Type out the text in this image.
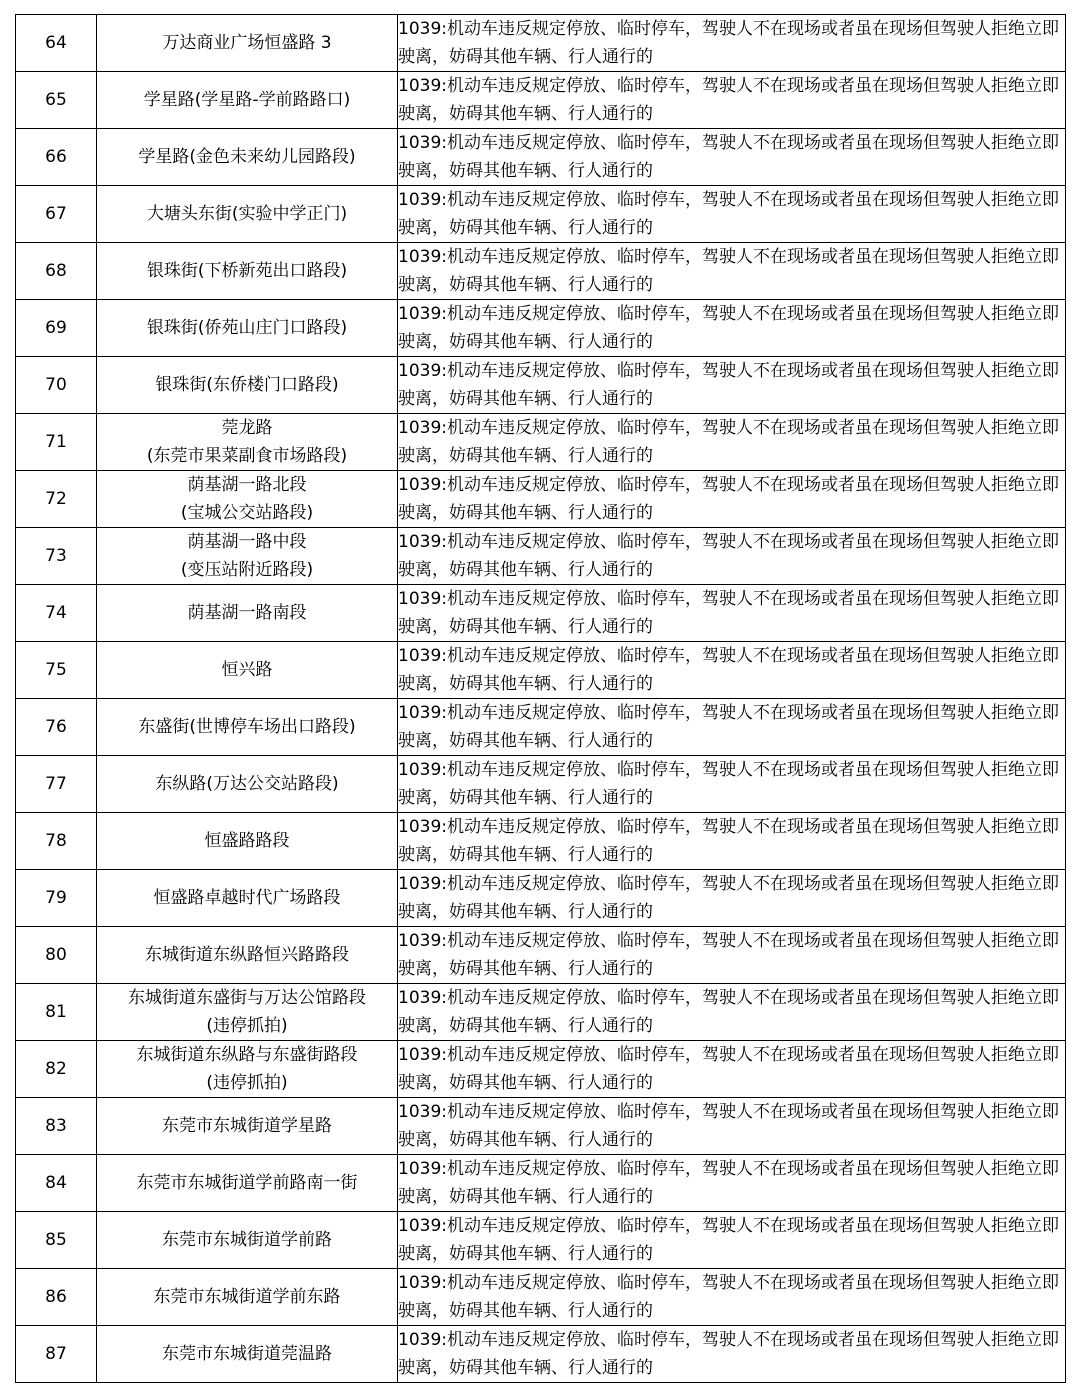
64	万达商业广场恒盛路 3	1039:机动车违反规定停放、临时停车，驾驶人不在现场或者虽在现场但驾驶人拒绝立即驶离，妨碍其他车辆、行人通行的

65	学星路(学星路-学前路路口)	1039:机动车违反规定停放、临时停车，驾驶人不在现场或者虽在现场但驾驶人拒绝立即驶离，妨碍其他车辆、行人通行的

66	学星路(金色未来幼儿园路段)	1039:机动车违反规定停放、临时停车，驾驶人不在现场或者虽在现场但驾驶人拒绝立即驶离，妨碍其他车辆、行人通行的

67	大塘头东街(实验中学正门)	1039:机动车违反规定停放、临时停车，驾驶人不在现场或者虽在现场但驾驶人拒绝立即驶离，妨碍其他车辆、行人通行的

68	银珠街(下桥新苑出口路段)	1039:机动车违反规定停放、临时停车，驾驶人不在现场或者虽在现场但驾驶人拒绝立即驶离，妨碍其他车辆、行人通行的

69	银珠街(侨苑山庄门口路段)	1039:机动车违反规定停放、临时停车，驾驶人不在现场或者虽在现场但驾驶人拒绝立即驶离，妨碍其他车辆、行人通行的

70	银珠街(东侨楼门口路段)	1039:机动车违反规定停放、临时停车，驾驶人不在现场或者虽在现场但驾驶人拒绝立即驶离，妨碍其他车辆、行人通行的

71	莞龙路
(东莞市果菜副食市场路段)	1039:机动车违反规定停放、临时停车，驾驶人不在现场或者虽在现场但驾驶人拒绝立即驶离，妨碍其他车辆、行人通行的

72	荫基湖一路北段
(宝城公交站路段)	1039:机动车违反规定停放、临时停车，驾驶人不在现场或者虽在现场但驾驶人拒绝立即驶离，妨碍其他车辆、行人通行的

73	荫基湖一路中段
(变压站附近路段)	1039:机动车违反规定停放、临时停车，驾驶人不在现场或者虽在现场但驾驶人拒绝立即驶离，妨碍其他车辆、行人通行的

74	荫基湖一路南段	1039:机动车违反规定停放、临时停车，驾驶人不在现场或者虽在现场但驾驶人拒绝立即驶离，妨碍其他车辆、行人通行的

75	恒兴路	1039:机动车违反规定停放、临时停车，驾驶人不在现场或者虽在现场但驾驶人拒绝立即驶离，妨碍其他车辆、行人通行的

76	东盛街(世博停车场出口路段)	1039:机动车违反规定停放、临时停车，驾驶人不在现场或者虽在现场但驾驶人拒绝立即驶离，妨碍其他车辆、行人通行的

77	东纵路(万达公交站路段)	1039:机动车违反规定停放、临时停车，驾驶人不在现场或者虽在现场但驾驶人拒绝立即驶离，妨碍其他车辆、行人通行的

78	恒盛路路段	1039:机动车违反规定停放、临时停车，驾驶人不在现场或者虽在现场但驾驶人拒绝立即驶离，妨碍其他车辆、行人通行的

79	恒盛路卓越时代广场路段	1039:机动车违反规定停放、临时停车，驾驶人不在现场或者虽在现场但驾驶人拒绝立即驶离，妨碍其他车辆、行人通行的

80	东城街道东纵路恒兴路路段	1039:机动车违反规定停放、临时停车，驾驶人不在现场或者虽在现场但驾驶人拒绝立即驶离，妨碍其他车辆、行人通行的

81	东城街道东盛街与万达公馆路段
(违停抓拍)	1039:机动车违反规定停放、临时停车，驾驶人不在现场或者虽在现场但驾驶人拒绝立即驶离，妨碍其他车辆、行人通行的

82	东城街道东纵路与东盛街路段
(违停抓拍)	1039:机动车违反规定停放、临时停车，驾驶人不在现场或者虽在现场但驾驶人拒绝立即驶离，妨碍其他车辆、行人通行的

83	东莞市东城街道学星路	1039:机动车违反规定停放、临时停车，驾驶人不在现场或者虽在现场但驾驶人拒绝立即驶离，妨碍其他车辆、行人通行的

84	东莞市东城街道学前路南一街	1039:机动车违反规定停放、临时停车，驾驶人不在现场或者虽在现场但驾驶人拒绝立即驶离，妨碍其他车辆、行人通行的

85	东莞市东城街道学前路	1039:机动车违反规定停放、临时停车，驾驶人不在现场或者虽在现场但驾驶人拒绝立即驶离，妨碍其他车辆、行人通行的

86	东莞市东城街道学前东路	1039:机动车违反规定停放、临时停车，驾驶人不在现场或者虽在现场但驾驶人拒绝立即驶离，妨碍其他车辆、行人通行的

87	东莞市东城街道莞温路	1039:机动车违反规定停放、临时停车，驾驶人不在现场或者虽在现场但驾驶人拒绝立即驶离，妨碍其他车辆、行人通行的
